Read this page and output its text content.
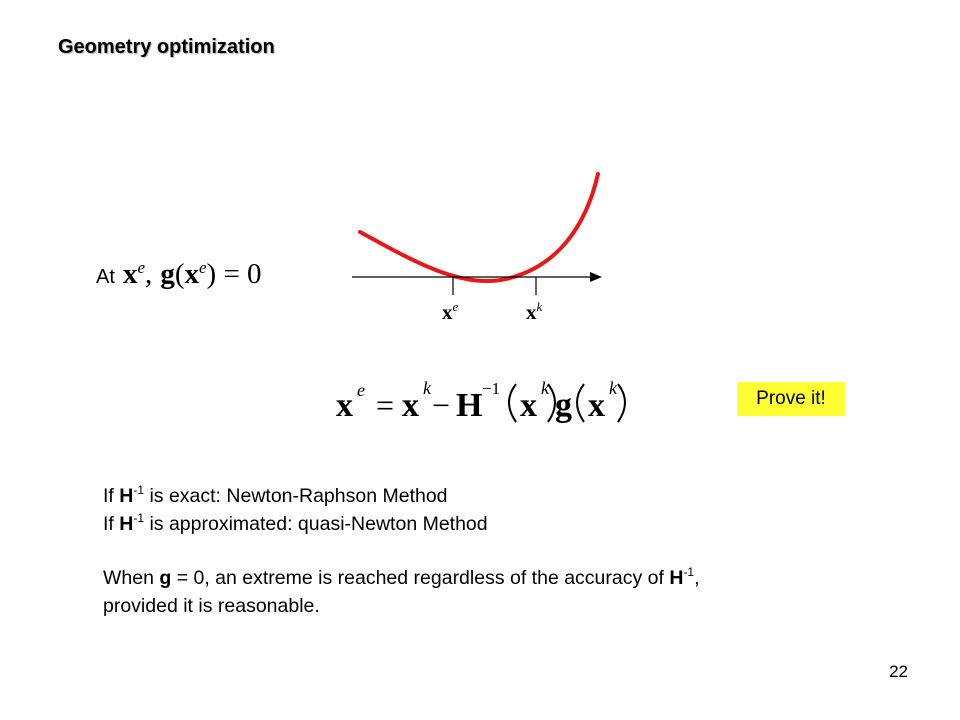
Geometry optimization
At $x^e$, $g(x^e) = 0$
$x^e$	$x^k$
x e = x k − H −1 x k g x k	Prove it!

If $H^{-1}$ is exact: Newton-Raphson Method

If $H^{-1}$ is approximated: quasi-Newton Method

When g = 0, an extreme is reached regardless of the accuracy of $H^{-1}$,

provided it is reasonable.

22
